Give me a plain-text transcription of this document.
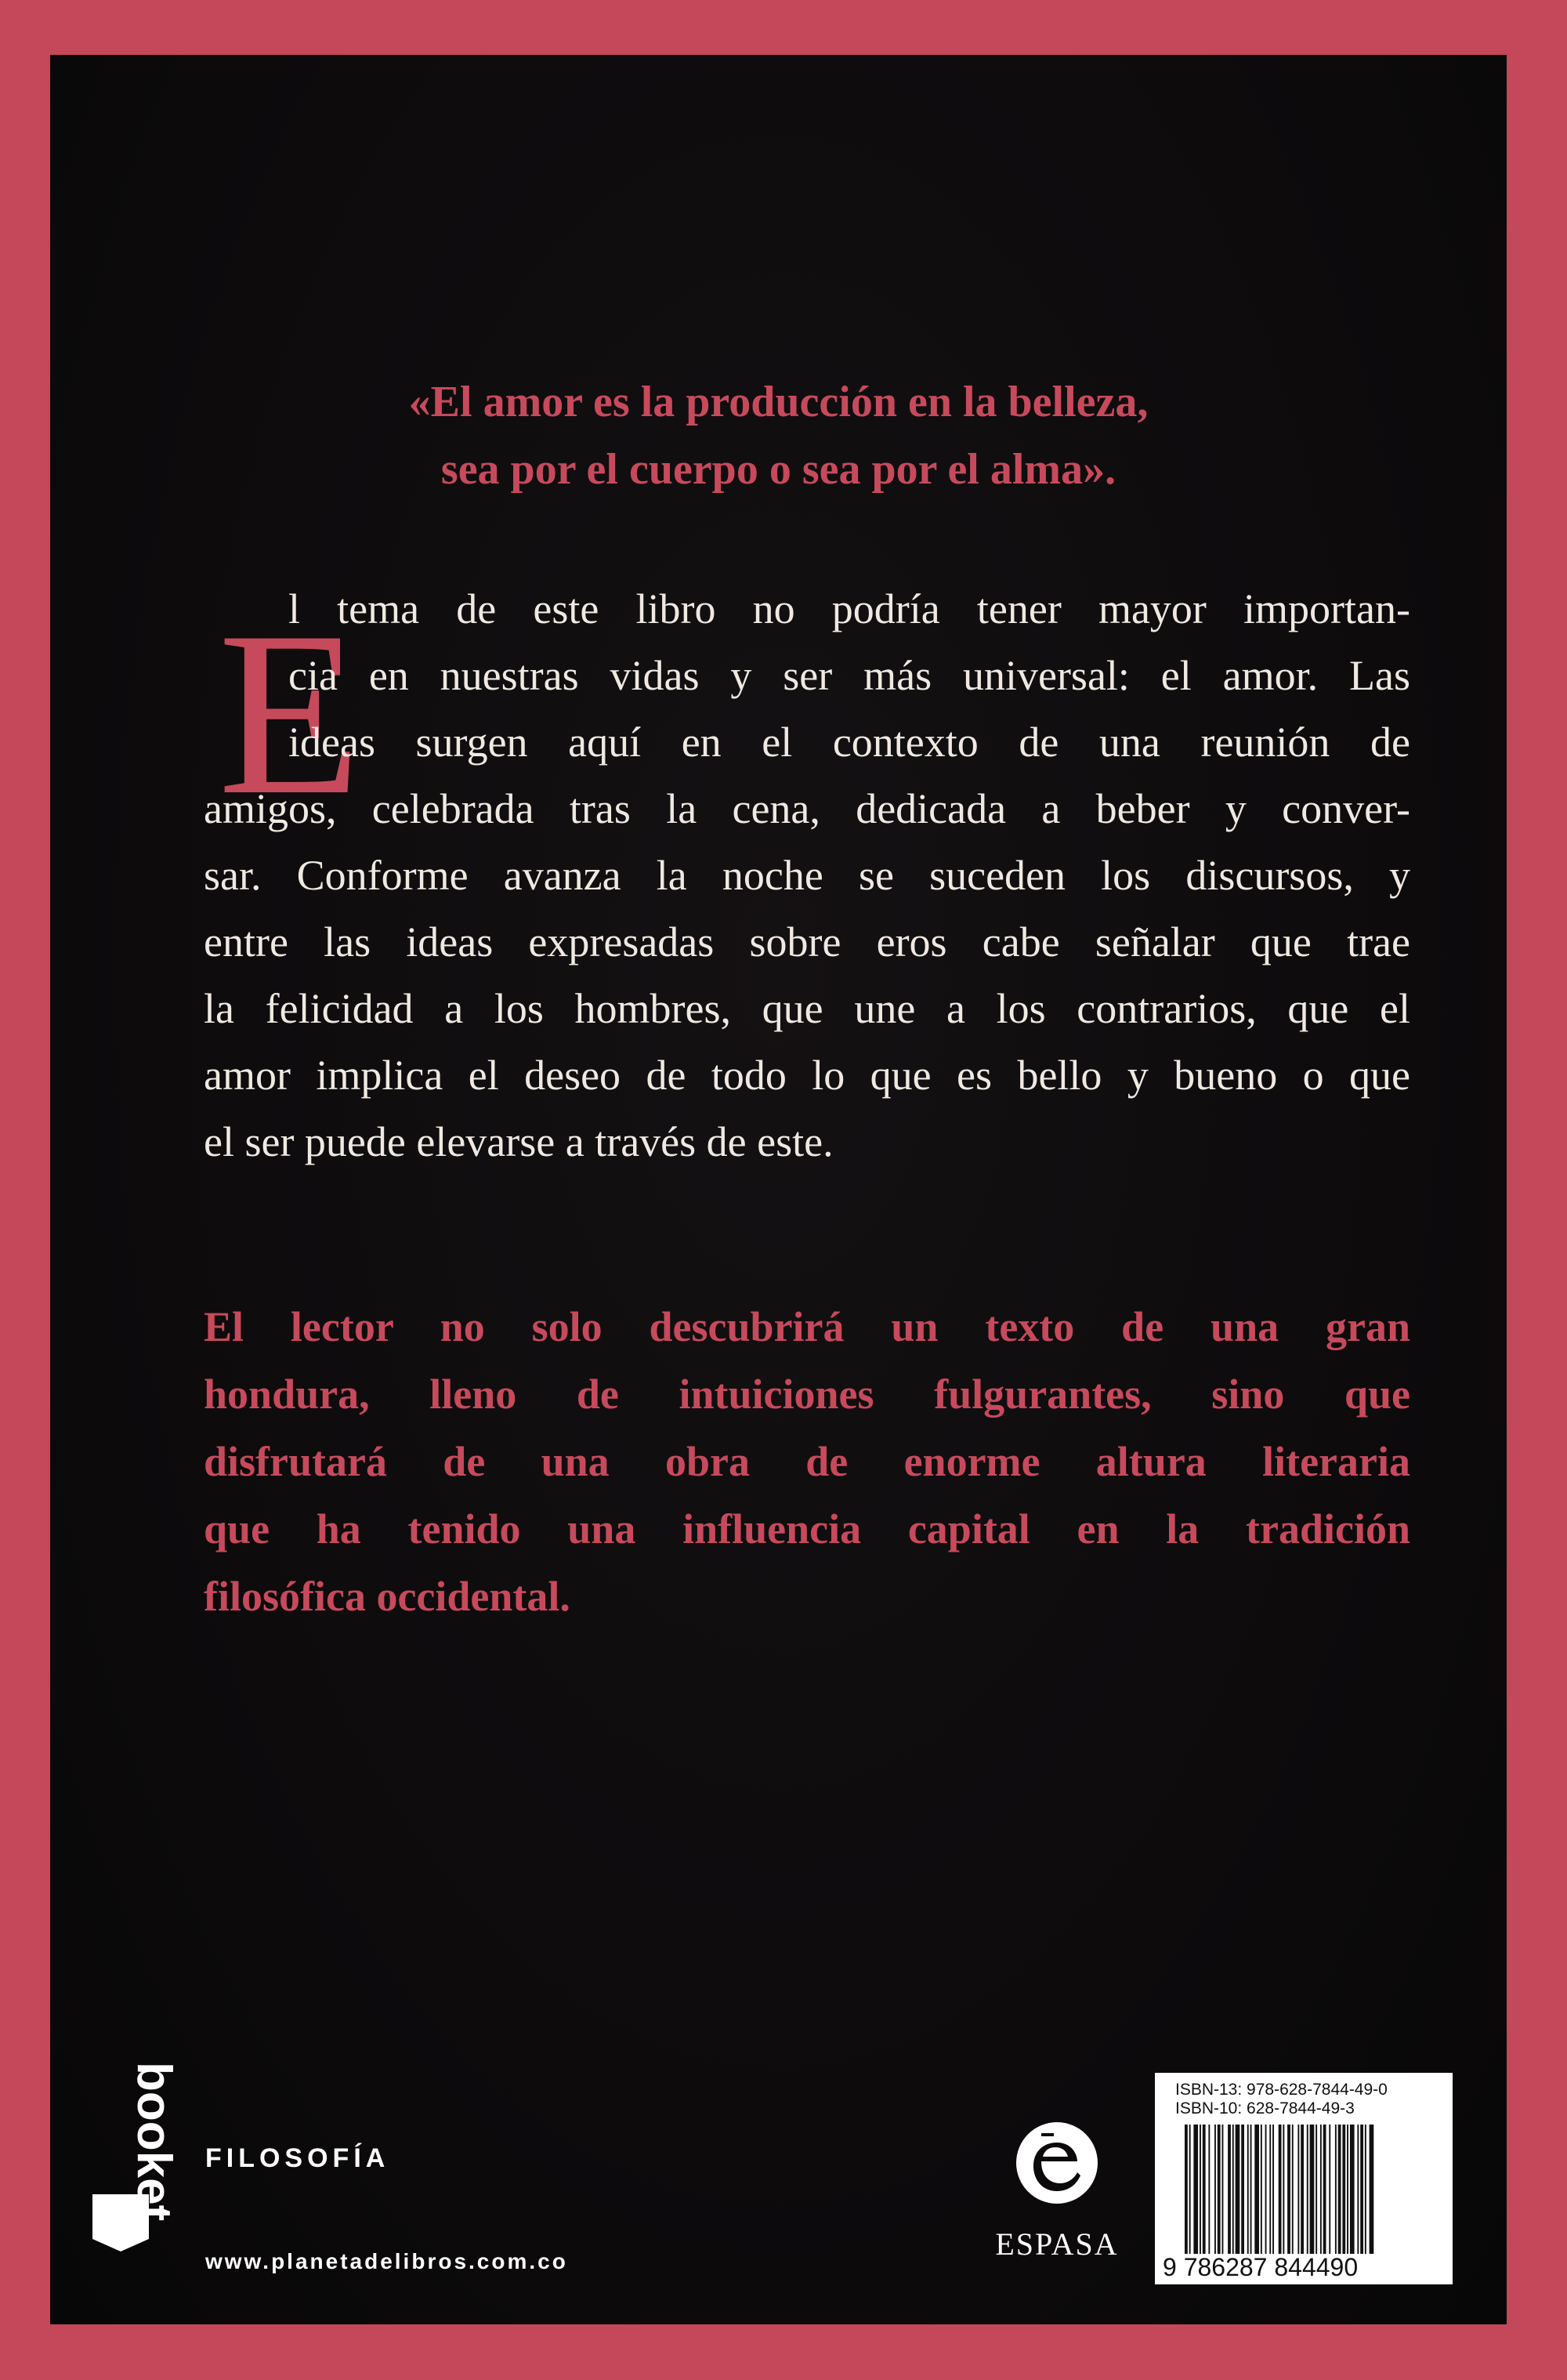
«El amor es la producción en la belleza,
sea por el cuerpo o sea por el alma».
E
l tema de este libro no podría tener mayor importan-
cia en nuestras vidas y ser más universal: el amor. Las
ideas surgen aquí en el contexto de una reunión de
amigos, celebrada tras la cena, dedicada a beber y conver-
sar. Conforme avanza la noche se suceden los discursos, y
entre las ideas expresadas sobre eros cabe señalar que trae
la felicidad a los hombres, que une a los contrarios, que el
amor implica el deseo de todo lo que es bello y bueno o que
el ser puede elevarse a través de este.
El lector no solo descubrirá un texto de una gran
hondura, lleno de intuiciones fulgurantes, sino que
disfrutará de una obra de enorme altura literaria
que ha tenido una influencia capital en la tradición
filosófica occidental.
booket FILOSOFÍA
www.planetadelibros.com.co	ESPASA
ISBN-13: 978-628-7844-49-0
ISBN-10: 628-7844-49-3
9 786287 844490
